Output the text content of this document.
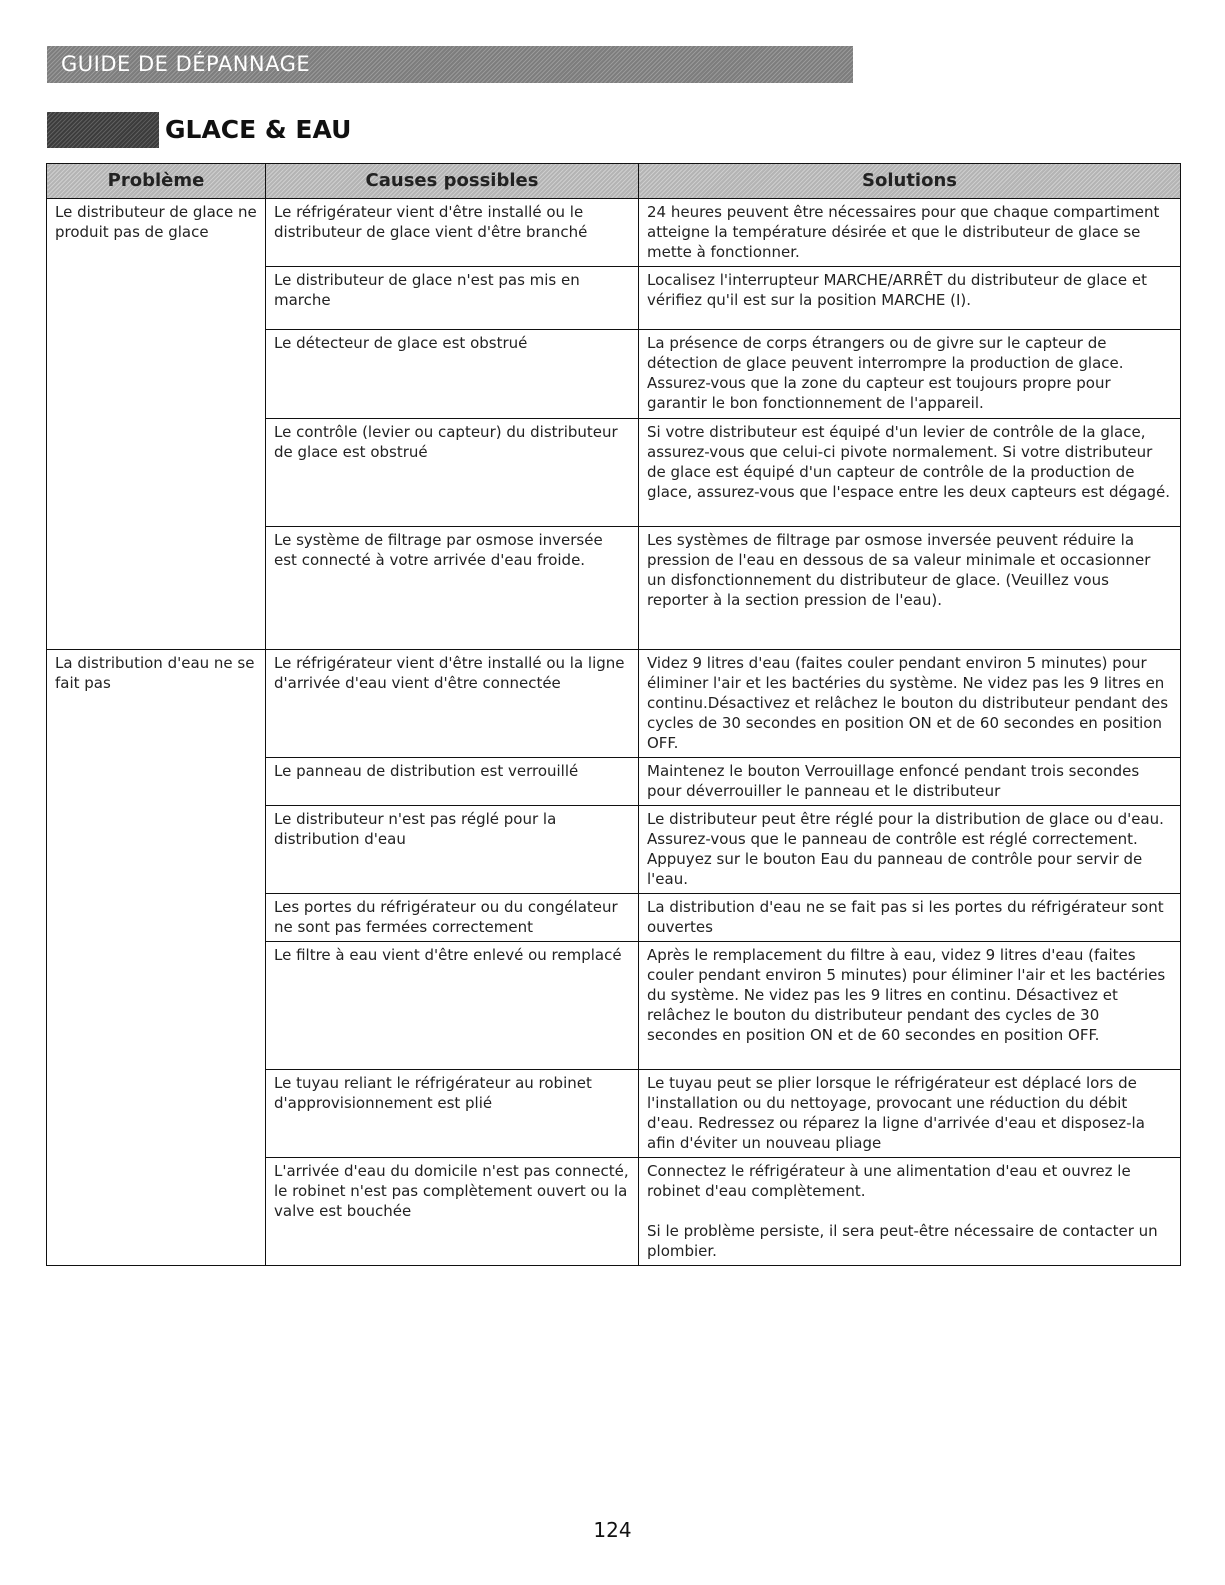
GUIDE DE DÉPANNAGE
GLACE & EAU
Problème	Causes possibles	Solutions
Le distributeur de glace ne produit pas de glace	Le réfrigérateur vient d'être installé ou le distributeur de glace vient d'être branché	24 heures peuvent être nécessaires pour que chaque compartiment atteigne la température désirée et que le distributeur de glace se mette à fonctionner.
	Le distributeur de glace n'est pas mis en marche	Localisez l'interrupteur MARCHE/ARRÊT du distributeur de glace et vérifiez qu'il est sur la position MARCHE (I).
	Le détecteur de glace est obstrué	La présence de corps étrangers ou de givre sur le capteur de détection de glace peuvent interrompre la production de glace. Assurez-vous que la zone du capteur est toujours propre pour garantir le bon fonctionnement de l'appareil.
	Le contrôle (levier ou capteur) du distributeur de glace est obstrué	Si votre distributeur est équipé d'un levier de contrôle de la glace, assurez-vous que celui-ci pivote normalement. Si votre distributeur de glace est équipé d'un capteur de contrôle de la production de glace, assurez-vous que l'espace entre les deux capteurs est dégagé.
	Le système de filtrage par osmose inversée est connecté à votre arrivée d'eau froide.	Les systèmes de filtrage par osmose inversée peuvent réduire la pression de l'eau en dessous de sa valeur minimale et occasionner un disfonctionnement du distributeur de glace. (Veuillez vous reporter à la section pression de l'eau).
La distribution d'eau ne se fait pas	Le réfrigérateur vient d'être installé ou la ligne d'arrivée d'eau vient d'être connectée	Videz 9 litres d'eau (faites couler pendant environ 5 minutes) pour éliminer l'air et les bactéries du système. Ne videz pas les 9 litres en continu.Désactivez et relâchez le bouton du distributeur pendant des cycles de 30 secondes en position ON et de 60 secondes en position OFF.
	Le panneau de distribution est verrouillé	Maintenez le bouton Verrouillage enfoncé pendant trois secondes pour déverrouiller le panneau et le distributeur
	Le distributeur n'est pas réglé pour la distribution d'eau	Le distributeur peut être réglé pour la distribution de glace ou d'eau. Assurez-vous que le panneau de contrôle est réglé correctement. Appuyez sur le bouton Eau du panneau de contrôle pour servir de l'eau.
	Les portes du réfrigérateur ou du congélateur ne sont pas fermées correctement	La distribution d'eau ne se fait pas si les portes du réfrigérateur sont ouvertes
	Le filtre à eau vient d'être enlevé ou remplacé	Après le remplacement du filtre à eau, videz 9 litres d'eau (faites couler pendant environ 5 minutes) pour éliminer l'air et les bactéries du système. Ne videz pas les 9 litres en continu. Désactivez et relâchez le bouton du distributeur pendant des cycles de 30 secondes en position ON et de 60 secondes en position OFF.
	Le tuyau reliant le réfrigérateur au robinet d'approvisionnement est plié	Le tuyau peut se plier lorsque le réfrigérateur est déplacé lors de l'installation ou du nettoyage, provocant une réduction du débit d'eau. Redressez ou réparez la ligne d'arrivée d'eau et disposez-la afin d'éviter un nouveau pliage
	L'arrivée d'eau du domicile n'est pas connecté, le robinet n'est pas complètement ouvert ou la valve est bouchée	Connectez le réfrigérateur à une alimentation d'eau et ouvrez le robinet d'eau complètement.
Si le problème persiste, il sera peut-être nécessaire de contacter un plombier.
124
